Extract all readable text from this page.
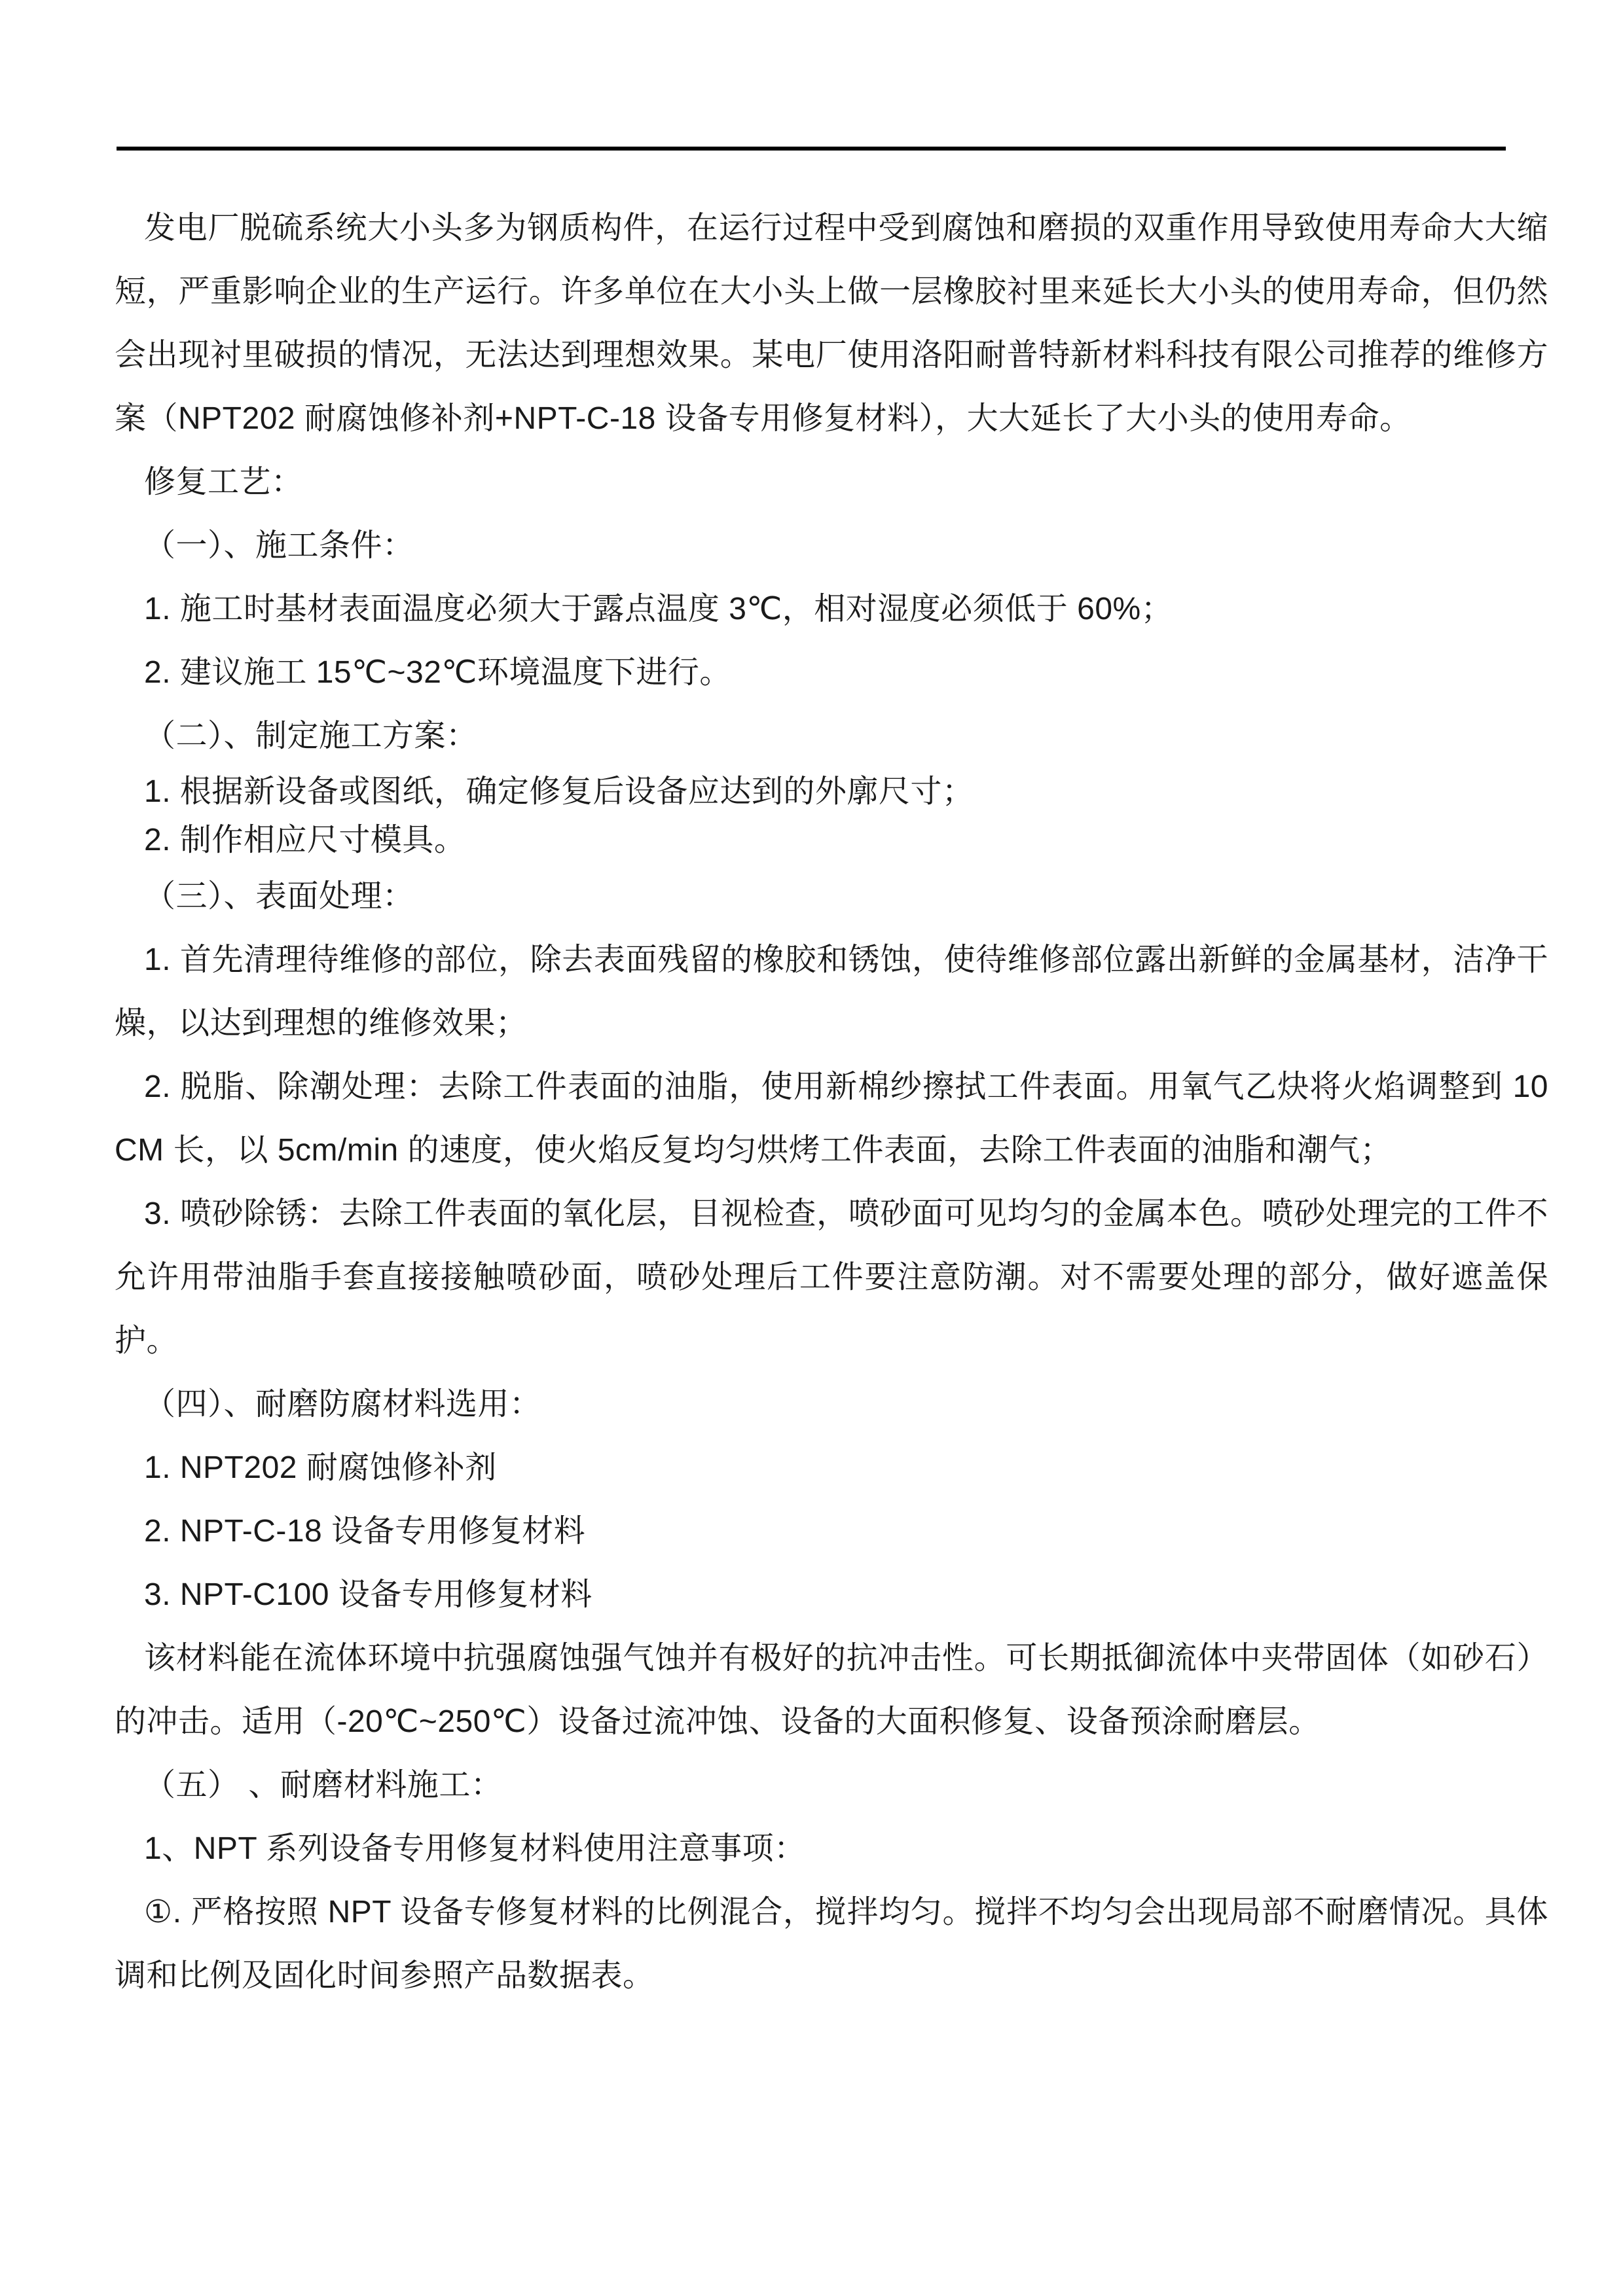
发电厂脱硫系统大小头多为钢质构件，在运行过程中受到腐蚀和磨损的双重作用导致使用寿命大大缩短，严重影响企业的生产运行。许多单位在大小头上做一层橡胶衬里来延长大小头的使用寿命，但仍然会出现衬里破损的情况，无法达到理想效果。某电厂使用洛阳耐普特新材料科技有限公司推荐的维修方案（NPT202 耐腐蚀修补剂+NPT-C-18 设备专用修复材料），大大延长了大小头的使用寿命。

修复工艺：

（一）、施工条件：

1. 施工时基材表面温度必须大于露点温度 3℃，相对湿度必须低于 60%；

2. 建议施工 15℃~32℃环境温度下进行。

（二）、制定施工方案：

1. 根据新设备或图纸，确定修复后设备应达到的外廓尺寸；

2. 制作相应尺寸模具。

（三）、表面处理：

1. 首先清理待维修的部位，除去表面残留的橡胶和锈蚀，使待维修部位露出新鲜的金属基材，洁净干燥，以达到理想的维修效果；

2. 脱脂、除潮处理：去除工件表面的油脂，使用新棉纱擦拭工件表面。用氧气乙炔将火焰调整到 10CM 长，以 5cm/min 的速度，使火焰反复均匀烘烤工件表面，去除工件表面的油脂和潮气；

3. 喷砂除锈：去除工件表面的氧化层，目视检查，喷砂面可见均匀的金属本色。喷砂处理完的工件不允许用带油脂手套直接接触喷砂面，喷砂处理后工件要注意防潮。对不需要处理的部分，做好遮盖保护。

（四）、耐磨防腐材料选用：

1. NPT202 耐腐蚀修补剂

2. NPT-C-18 设备专用修复材料

3. NPT-C100 设备专用修复材料

该材料能在流体环境中抗强腐蚀强气蚀并有极好的抗冲击性。可长期抵御流体中夹带固体（如砂石）的冲击。适用（-20℃~250℃）设备过流冲蚀、设备的大面积修复、设备预涂耐磨层。

（五） 、耐磨材料施工：

1、NPT 系列设备专用修复材料使用注意事项：

①. 严格按照 NPT 设备专修复材料的比例混合，搅拌均匀。搅拌不均匀会出现局部不耐磨情况。具体调和比例及固化时间参照产品数据表。
